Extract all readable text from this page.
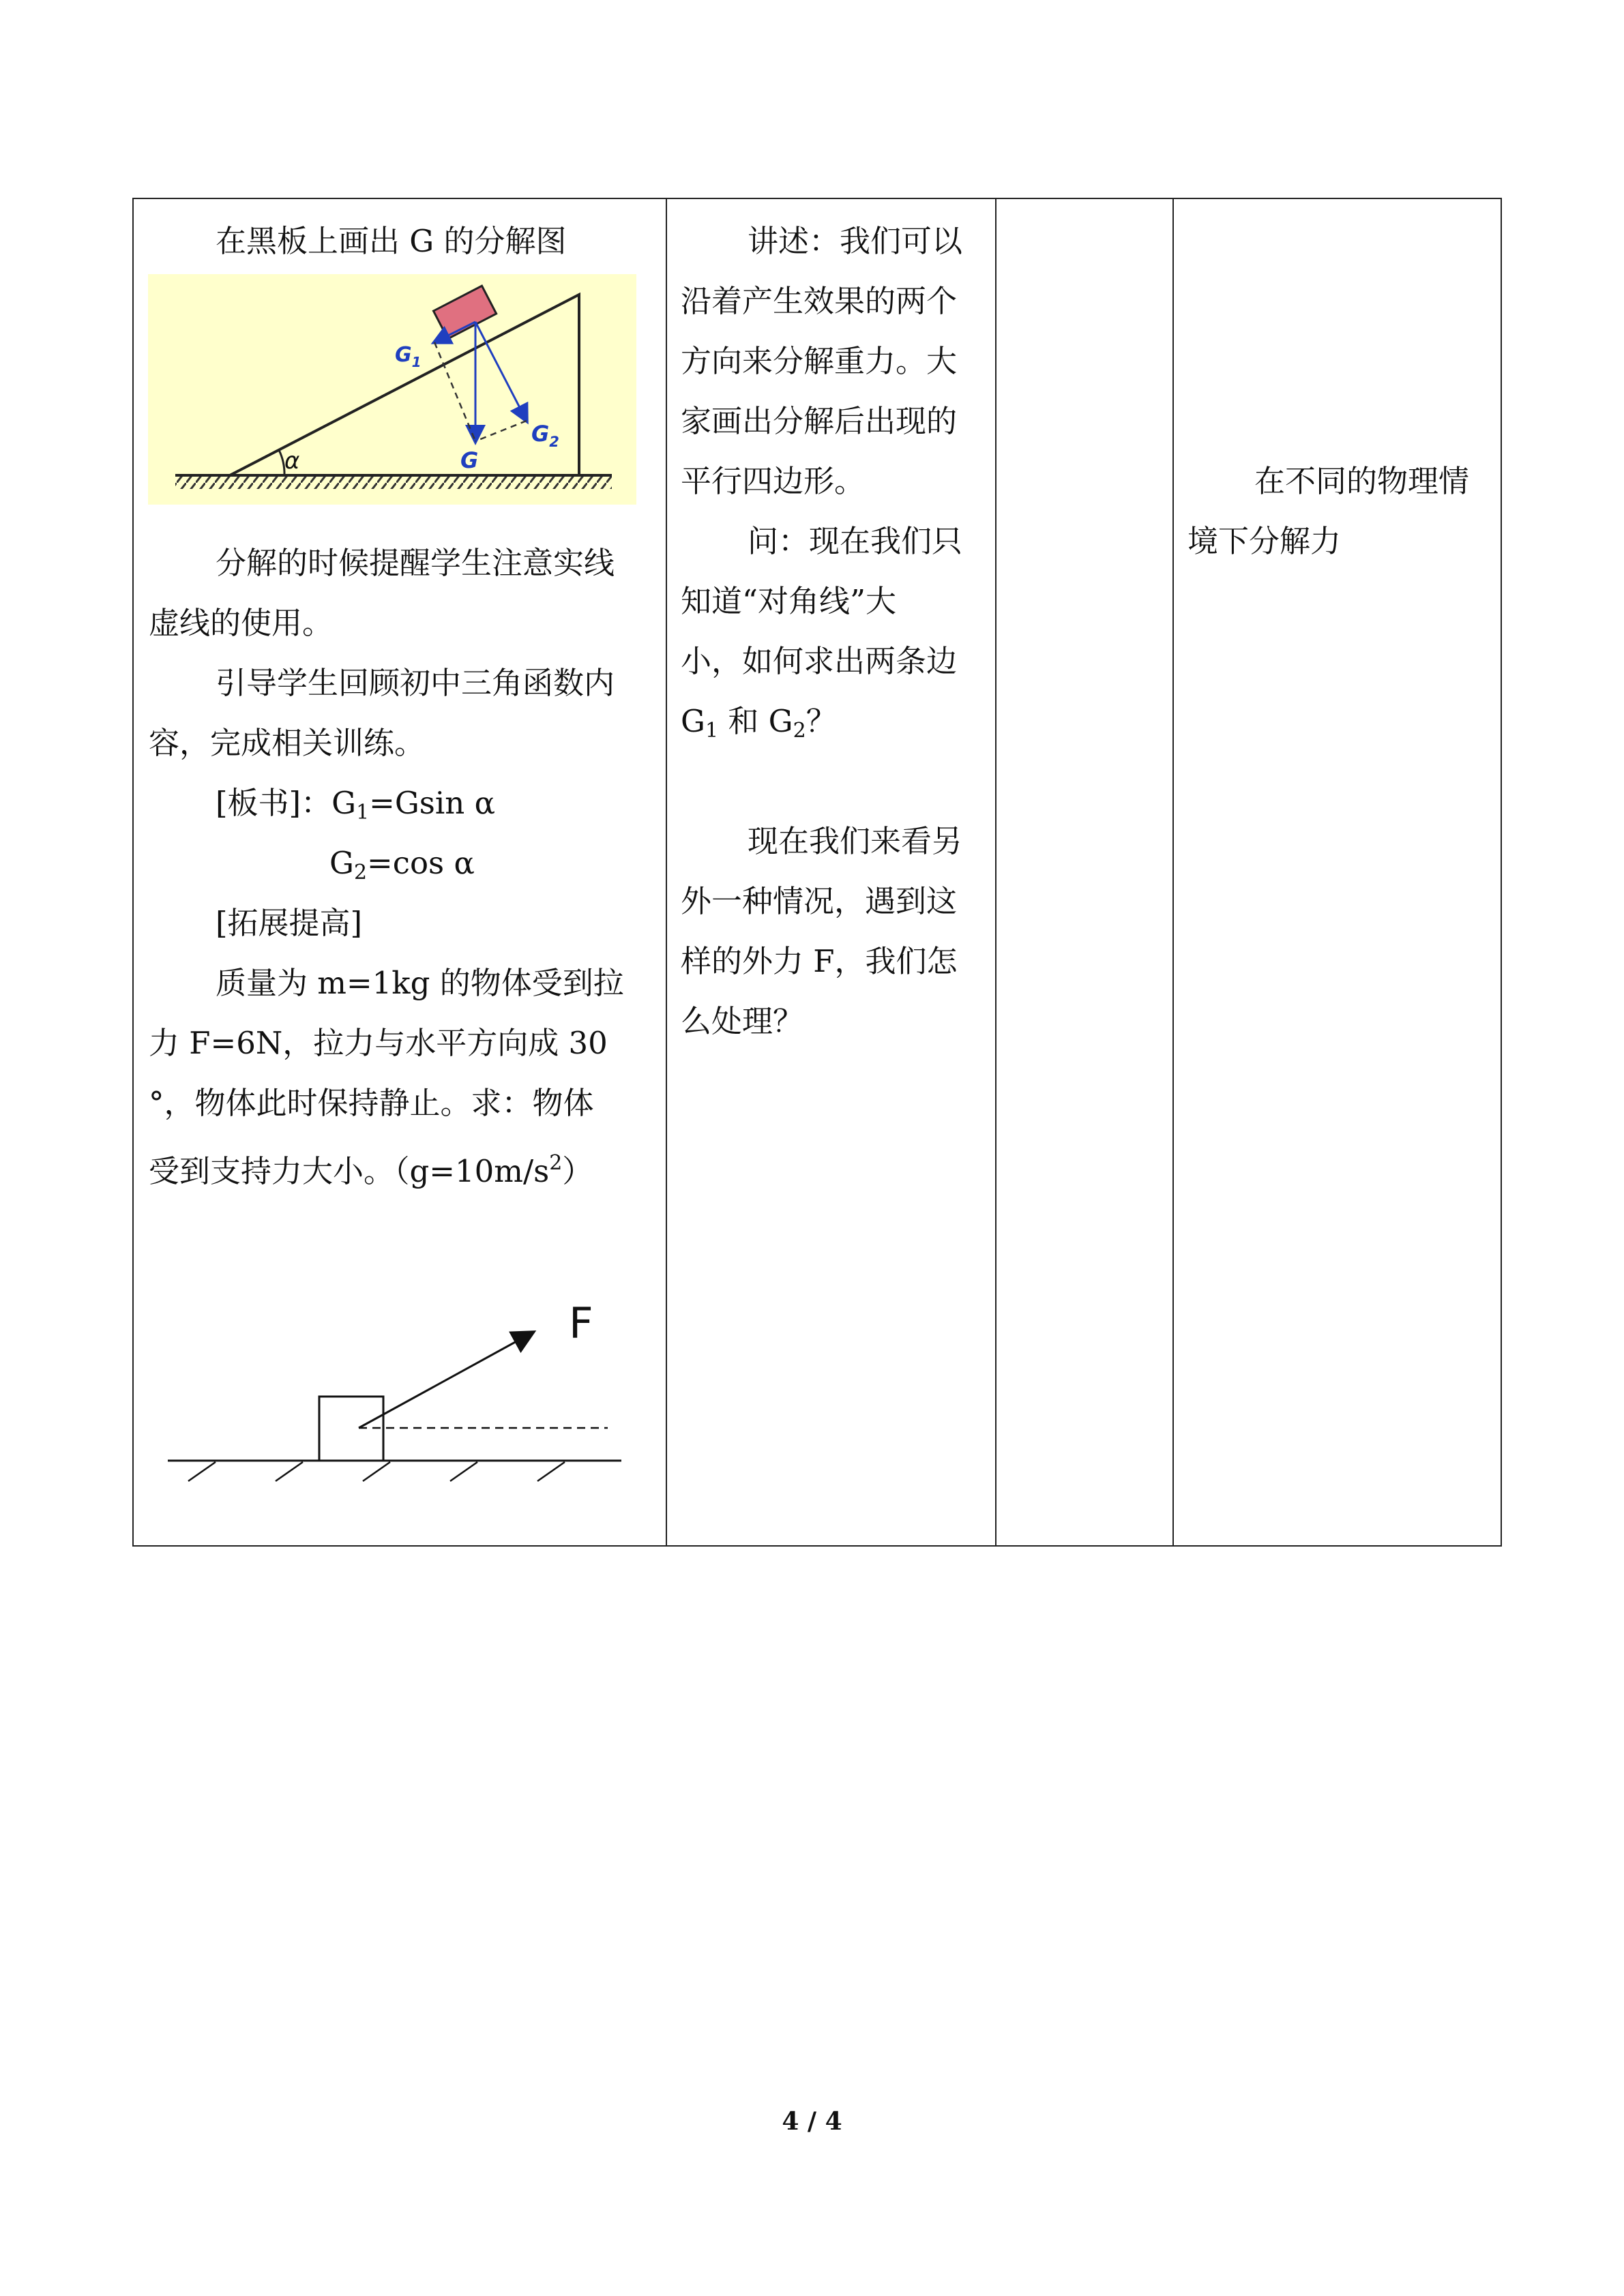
在黑板上画出 G 的分解图
α	G
$G_1$
$G_2$
分解的时候提醒学生注意实线
虚线的使用。
引导学生回顾初中三角函数内
容，完成相关训练。
[板书]：$G_1=Gsin$ α
$G_2=\cos$ α
[拓展提高]
质量为 m=1kg 的物体受到拉
力 F=6N，拉力与水平方向成 30
°，物体此时保持静止。求：物体
受到支持力大小。$(g=10m/s^2)$
F
讲述：我们可以
沿着产生效果的两个
方向来分解重力。大
家画出分解后出现的
平行四边形。
问：现在我们只
知道“对角线”大
小，如何求出两条边
$G_1$ 和 $G_2$？
现在我们来看另
外一种情况，遇到这
样的外力 F，我们怎
么处理？
在不同的物理情
境下分解力
4 / 4
